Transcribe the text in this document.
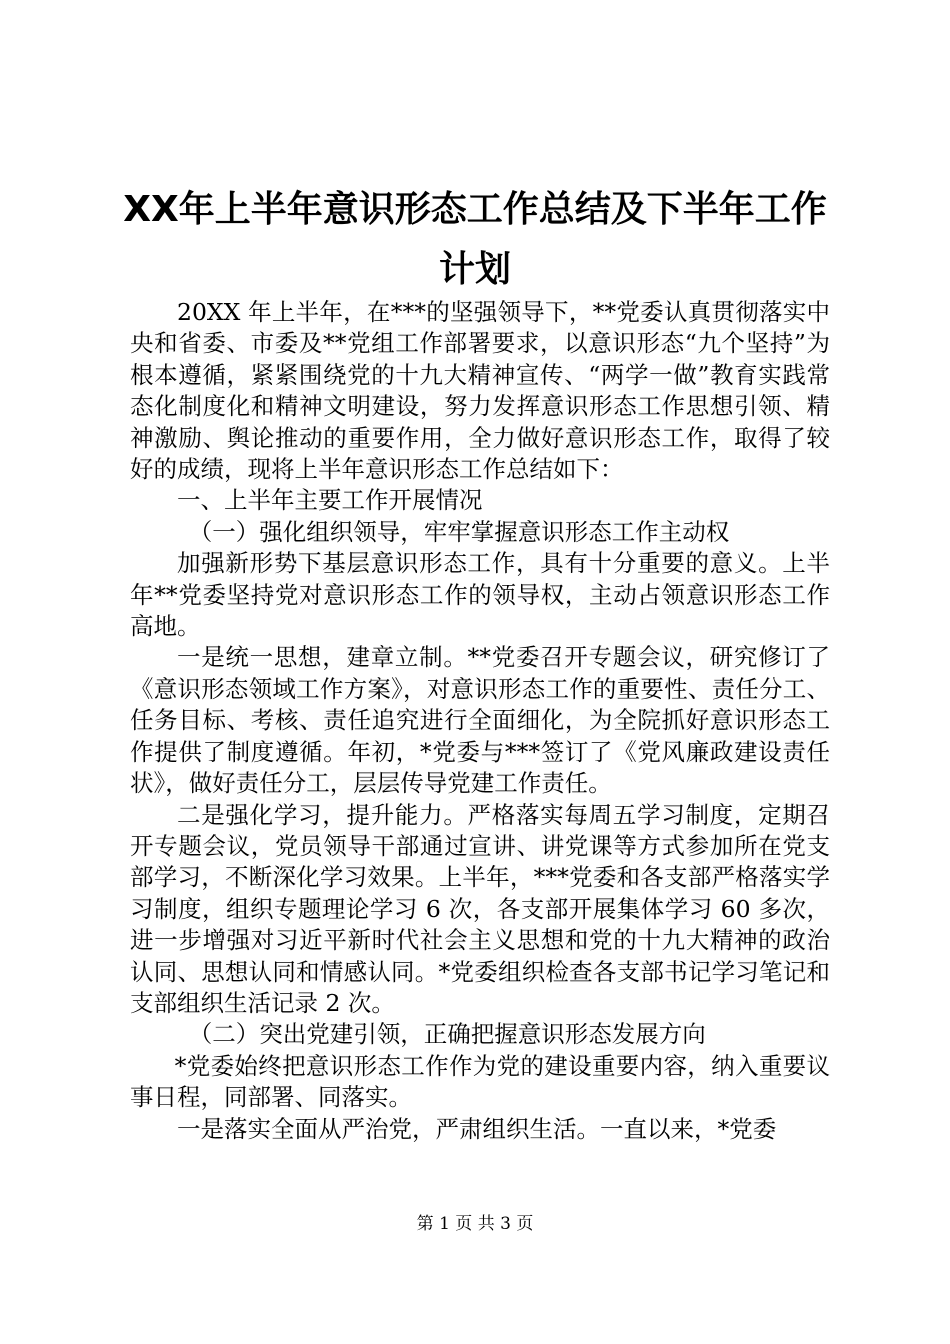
XX年上半年意识形态工作总结及下半年工作
计划

20XX 年上半年，在***的坚强领导下，**党委认真贯彻落实中央和省委、市委及**党组工作部署要求，以意识形态“九个坚持”为根本遵循，紧紧围绕党的十九大精神宣传、“两学一做”教育实践常态化制度化和精神文明建设，努力发挥意识形态工作思想引领、精神激励、舆论推动的重要作用，全力做好意识形态工作，取得了较好的成绩，现将上半年意识形态工作总结如下：

一、上半年主要工作开展情况

（一）强化组织领导，牢牢掌握意识形态工作主动权

加强新形势下基层意识形态工作，具有十分重要的意义。上半年**党委坚持党对意识形态工作的领导权，主动占领意识形态工作高地。

一是统一思想，建章立制。**党委召开专题会议，研究修订了《意识形态领域工作方案》，对意识形态工作的重要性、责任分工、任务目标、考核、责任追究进行全面细化，为全院抓好意识形态工作提供了制度遵循。年初，*党委与***签订了《党风廉政建设责任状》，做好责任分工，层层传导党建工作责任。

二是强化学习，提升能力。严格落实每周五学习制度，定期召开专题会议，党员领导干部通过宣讲、讲党课等方式参加所在党支部学习，不断深化学习效果。上半年，***党委和各支部严格落实学习制度，组织专题理论学习 6 次，各支部开展集体学习 60 多次，进一步增强对习近平新时代社会主义思想和党的十九大精神的政治认同、思想认同和情感认同。*党委组织检查各支部书记学习笔记和支部组织生活记录 2 次。

（二）突出党建引领，正确把握意识形态发展方向

*党委始终把意识形态工作作为党的建设重要内容，纳入重要议事日程，同部署、同落实。

一是落实全面从严治党，严肃组织生活。一直以来，*党委

第 1 页 共 3 页
